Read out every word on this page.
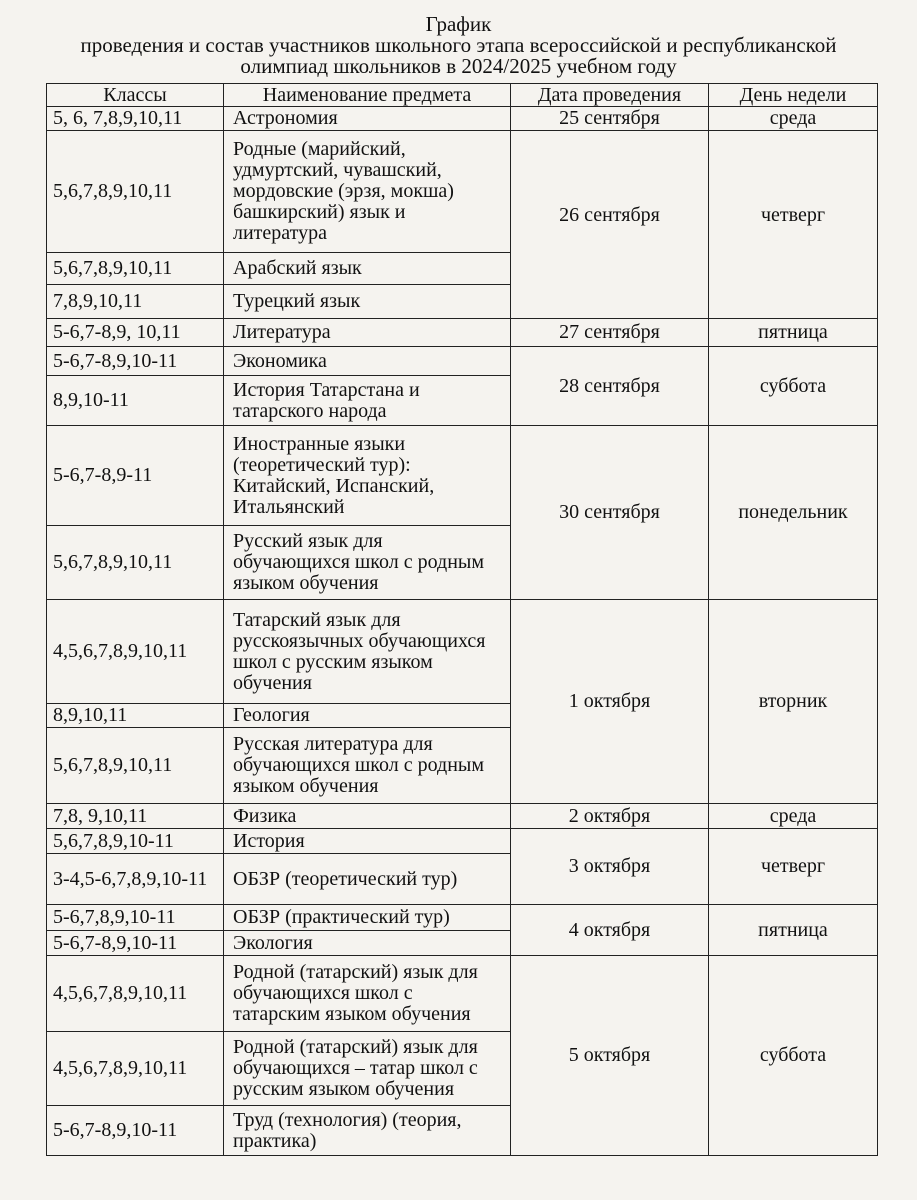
График
проведения и состав участников школьного этапа всероссийской и республиканской
олимпиад школьников в 2024/2025 учебном году
Классы	Наименование предмета	Дата проведения	День недели
5, 6, 7,8,9,10,11	Астрономия	25 сентября	среда
5,6,7,8,9,10,11	Родные (марийский, удмуртский, чувашский, мордовские (эрзя, мокша) башкирский) язык и литература	26 сентября	четверг
5,6,7,8,9,10,11	Арабский язык		
7,8,9,10,11	Турецкий язык		
5-6,7-8,9, 10,11	Литература	27 сентября	пятница
5-6,7-8,9,10-11	Экономика	28 сентября	суббота
8,9,10-11	История Татарстана и татарского народа		
5-6,7-8,9-11	Иностранные языки (теоретический тур): Китайский, Испанский, Итальянский	30 сентября	понедельник
5,6,7,8,9,10,11	Русский язык для обучающихся школ с родным языком обучения		
4,5,6,7,8,9,10,11	Татарский язык для русскоязычных обучающихся школ с русским языком обучения	1 октября	вторник
8,9,10,11	Геология		
5,6,7,8,9,10,11	Русская литература для обучающихся школ с родным языком обучения		
7,8, 9,10,11	Физика	2 октября	среда
5,6,7,8,9,10-11	История	3 октября	четверг
3-4,5-6,7,8,9,10-11	ОБЗР (теоретический тур)		
5-6,7,8,9,10-11	ОБЗР (практический тур)	4 октября	пятница
5-6,7-8,9,10-11	Экология		
4,5,6,7,8,9,10,11	Родной (татарский) язык для обучающихся школ с татарским языком обучения	5 октября	суббота
4,5,6,7,8,9,10,11	Родной (татарский) язык для обучающихся – татар школ с русским языком обучения		
5-6,7-8,9,10-11	Труд (технология) (теория, практика)		
